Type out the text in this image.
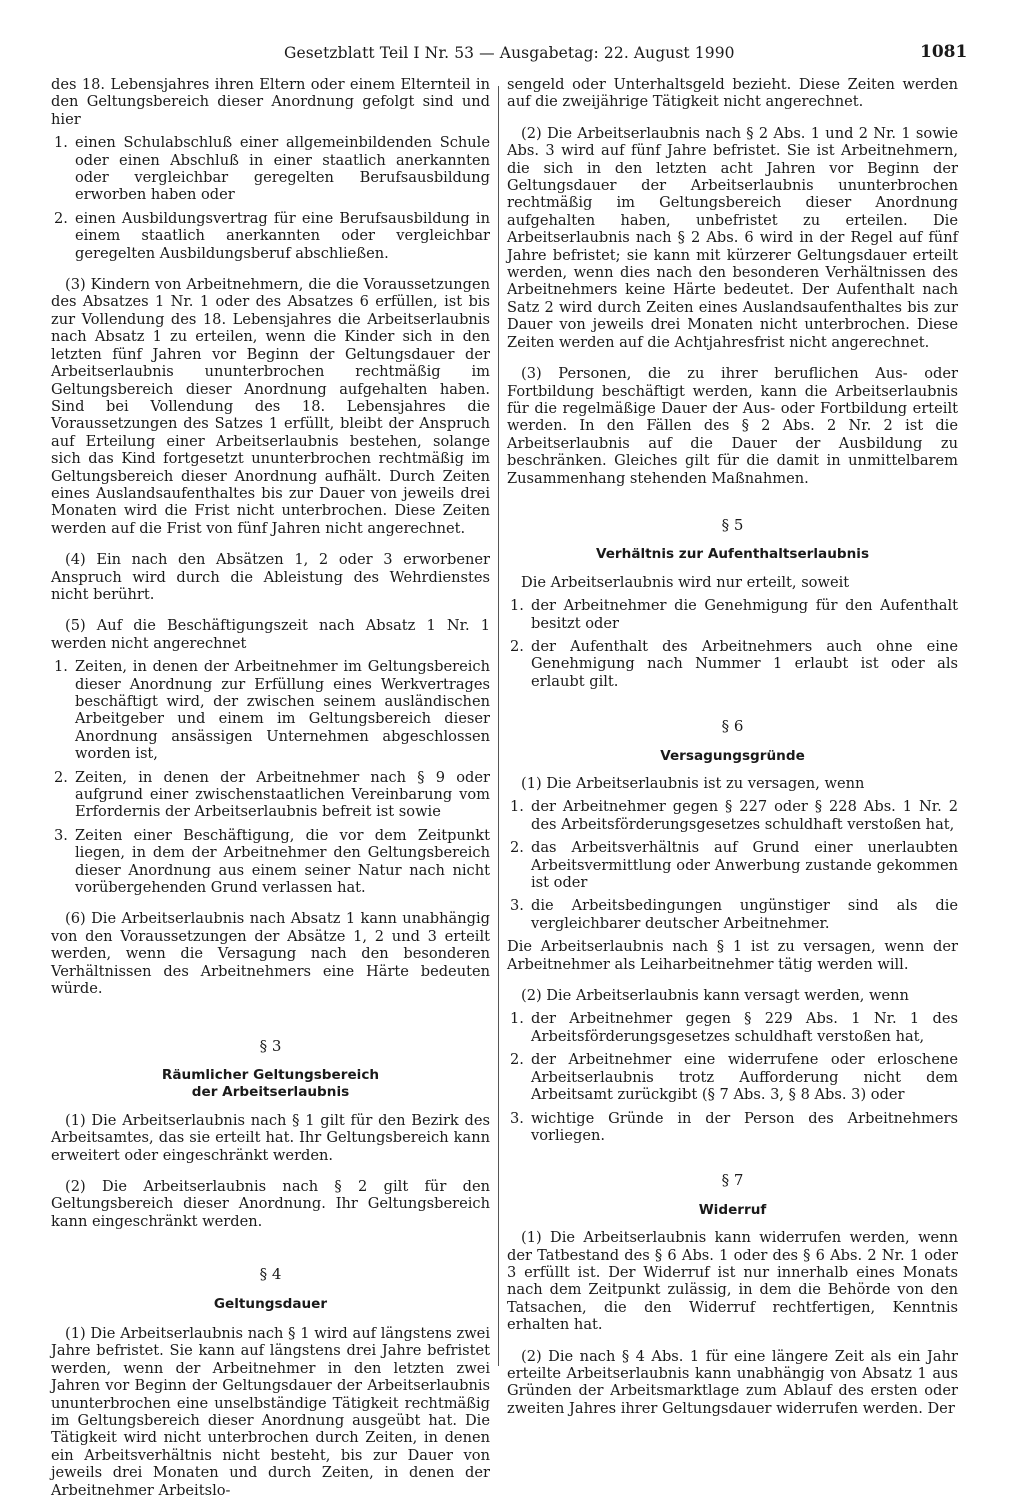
Gesetzblatt Teil I Nr. 53 — Ausgabetag: 22. August 1990	1081

des 18. Lebensjahres ihren Eltern oder einem Elternteil in den Geltungsbereich dieser Anordnung gefolgt sind und hier

1. einen Schulabschluß einer allgemeinbildenden Schule oder einen Abschluß in einer staatlich anerkannten oder vergleichbar geregelten Berufsausbildung erworben haben oder
2. einen Ausbildungsvertrag für eine Berufsausbildung in einem staatlich anerkannten oder vergleichbar geregelten Ausbildungsberuf abschließen.

(3) Kindern von Arbeitnehmern, die die Voraussetzungen des Absatzes 1 Nr. 1 oder des Absatzes 6 erfüllen, ist bis zur Vollendung des 18. Lebensjahres die Arbeitserlaubnis nach Absatz 1 zu erteilen, wenn die Kinder sich in den letzten fünf Jahren vor Beginn der Geltungsdauer der Arbeitserlaubnis ununterbrochen rechtmäßig im Geltungsbereich dieser Anordnung aufgehalten haben. Sind bei Vollendung des 18. Lebensjahres die Voraussetzungen des Satzes 1 erfüllt, bleibt der Anspruch auf Erteilung einer Arbeitserlaubnis bestehen, solange sich das Kind fortgesetzt ununterbrochen rechtmäßig im Geltungsbereich dieser Anordnung aufhält. Durch Zeiten eines Auslandsaufenthaltes bis zur Dauer von jeweils drei Monaten wird die Frist nicht unterbrochen. Diese Zeiten werden auf die Frist von fünf Jahren nicht angerechnet.

(4) Ein nach den Absätzen 1, 2 oder 3 erworbener Anspruch wird durch die Ableistung des Wehrdienstes nicht berührt.

(5) Auf die Beschäftigungszeit nach Absatz 1 Nr. 1 werden nicht angerechnet

1. Zeiten, in denen der Arbeitnehmer im Geltungsbereich dieser Anordnung zur Erfüllung eines Werkvertrages beschäftigt wird, der zwischen seinem ausländischen Arbeitgeber und einem im Geltungsbereich dieser Anordnung ansässigen Unternehmen abgeschlossen worden ist,
2. Zeiten, in denen der Arbeitnehmer nach § 9 oder aufgrund einer zwischenstaatlichen Vereinbarung vom Erfordernis der Arbeitserlaubnis befreit ist sowie
3. Zeiten einer Beschäftigung, die vor dem Zeitpunkt liegen, in dem der Arbeitnehmer den Geltungsbereich dieser Anordnung aus einem seiner Natur nach nicht vorübergehenden Grund verlassen hat.

(6) Die Arbeitserlaubnis nach Absatz 1 kann unabhängig von den Voraussetzungen der Absätze 1, 2 und 3 erteilt werden, wenn die Versagung nach den besonderen Verhältnissen des Arbeitnehmers eine Härte bedeuten würde.

§ 3
Räumlicher Geltungsbereich
der Arbeitserlaubnis

(1) Die Arbeitserlaubnis nach § 1 gilt für den Bezirk des Arbeitsamtes, das sie erteilt hat. Ihr Geltungsbereich kann erweitert oder eingeschränkt werden.

(2) Die Arbeitserlaubnis nach § 2 gilt für den Geltungsbereich dieser Anordnung. Ihr Geltungsbereich kann eingeschränkt werden.

§ 4
Geltungsdauer

(1) Die Arbeitserlaubnis nach § 1 wird auf längstens zwei Jahre befristet. Sie kann auf längstens drei Jahre befristet werden, wenn der Arbeitnehmer in den letzten zwei Jahren vor Beginn der Geltungsdauer der Arbeitserlaubnis ununterbrochen eine unselbständige Tätigkeit rechtmäßig im Geltungsbereich dieser Anordnung ausgeübt hat. Die Tätigkeit wird nicht unterbrochen durch Zeiten, in denen ein Arbeitsverhältnis nicht besteht, bis zur Dauer von jeweils drei Monaten und durch Zeiten, in denen der Arbeitnehmer Arbeitslo-

sengeld oder Unterhaltsgeld bezieht. Diese Zeiten werden auf die zweijährige Tätigkeit nicht angerechnet.

(2) Die Arbeitserlaubnis nach § 2 Abs. 1 und 2 Nr. 1 sowie Abs. 3 wird auf fünf Jahre befristet. Sie ist Arbeitnehmern, die sich in den letzten acht Jahren vor Beginn der Geltungsdauer der Arbeitserlaubnis ununterbrochen rechtmäßig im Geltungsbereich dieser Anordnung aufgehalten haben, unbefristet zu erteilen. Die Arbeitserlaubnis nach § 2 Abs. 6 wird in der Regel auf fünf Jahre befristet; sie kann mit kürzerer Geltungsdauer erteilt werden, wenn dies nach den besonderen Verhältnissen des Arbeitnehmers keine Härte bedeutet. Der Aufenthalt nach Satz 2 wird durch Zeiten eines Auslandsaufenthaltes bis zur Dauer von jeweils drei Monaten nicht unterbrochen. Diese Zeiten werden auf die Achtjahresfrist nicht angerechnet.

(3) Personen, die zu ihrer beruflichen Aus- oder Fortbildung beschäftigt werden, kann die Arbeitserlaubnis für die regelmäßige Dauer der Aus- oder Fortbildung erteilt werden. In den Fällen des § 2 Abs. 2 Nr. 2 ist die Arbeitserlaubnis auf die Dauer der Ausbildung zu beschränken. Gleiches gilt für die damit in unmittelbarem Zusammenhang stehenden Maßnahmen.

§ 5
Verhältnis zur Aufenthaltserlaubnis

Die Arbeitserlaubnis wird nur erteilt, soweit

1. der Arbeitnehmer die Genehmigung für den Aufenthalt besitzt oder
2. der Aufenthalt des Arbeitnehmers auch ohne eine Genehmigung nach Nummer 1 erlaubt ist oder als erlaubt gilt.
§ 6
Versagungsgründe

(1) Die Arbeitserlaubnis ist zu versagen, wenn

1. der Arbeitnehmer gegen § 227 oder § 228 Abs. 1 Nr. 2 des Arbeitsförderungsgesetzes schuldhaft verstoßen hat,
2. das Arbeitsverhältnis auf Grund einer unerlaubten Arbeitsvermittlung oder Anwerbung zustande gekommen ist oder
3. die Arbeitsbedingungen ungünstiger sind als die vergleichbarer deutscher Arbeitnehmer.

Die Arbeitserlaubnis nach § 1 ist zu versagen, wenn der Arbeitnehmer als Leiharbeitnehmer tätig werden will.

(2) Die Arbeitserlaubnis kann versagt werden, wenn

1. der Arbeitnehmer gegen § 229 Abs. 1 Nr. 1 des Arbeitsförderungsgesetzes schuldhaft verstoßen hat,
2. der Arbeitnehmer eine widerrufene oder erloschene Arbeitserlaubnis trotz Aufforderung nicht dem Arbeitsamt zurückgibt (§ 7 Abs. 3, § 8 Abs. 3) oder
3. wichtige Gründe in der Person des Arbeitnehmers vorliegen.
§ 7
Widerruf

(1) Die Arbeitserlaubnis kann widerrufen werden, wenn der Tatbestand des § 6 Abs. 1 oder des § 6 Abs. 2 Nr. 1 oder 3 erfüllt ist. Der Widerruf ist nur innerhalb eines Monats nach dem Zeitpunkt zulässig, in dem die Behörde von den Tatsachen, die den Widerruf rechtfertigen, Kenntnis erhalten hat.

(2) Die nach § 4 Abs. 1 für eine längere Zeit als ein Jahr erteilte Arbeitserlaubnis kann unabhängig von Absatz 1 aus Gründen der Arbeitsmarktlage zum Ablauf des ersten oder zweiten Jahres ihrer Geltungsdauer widerrufen werden. Der
